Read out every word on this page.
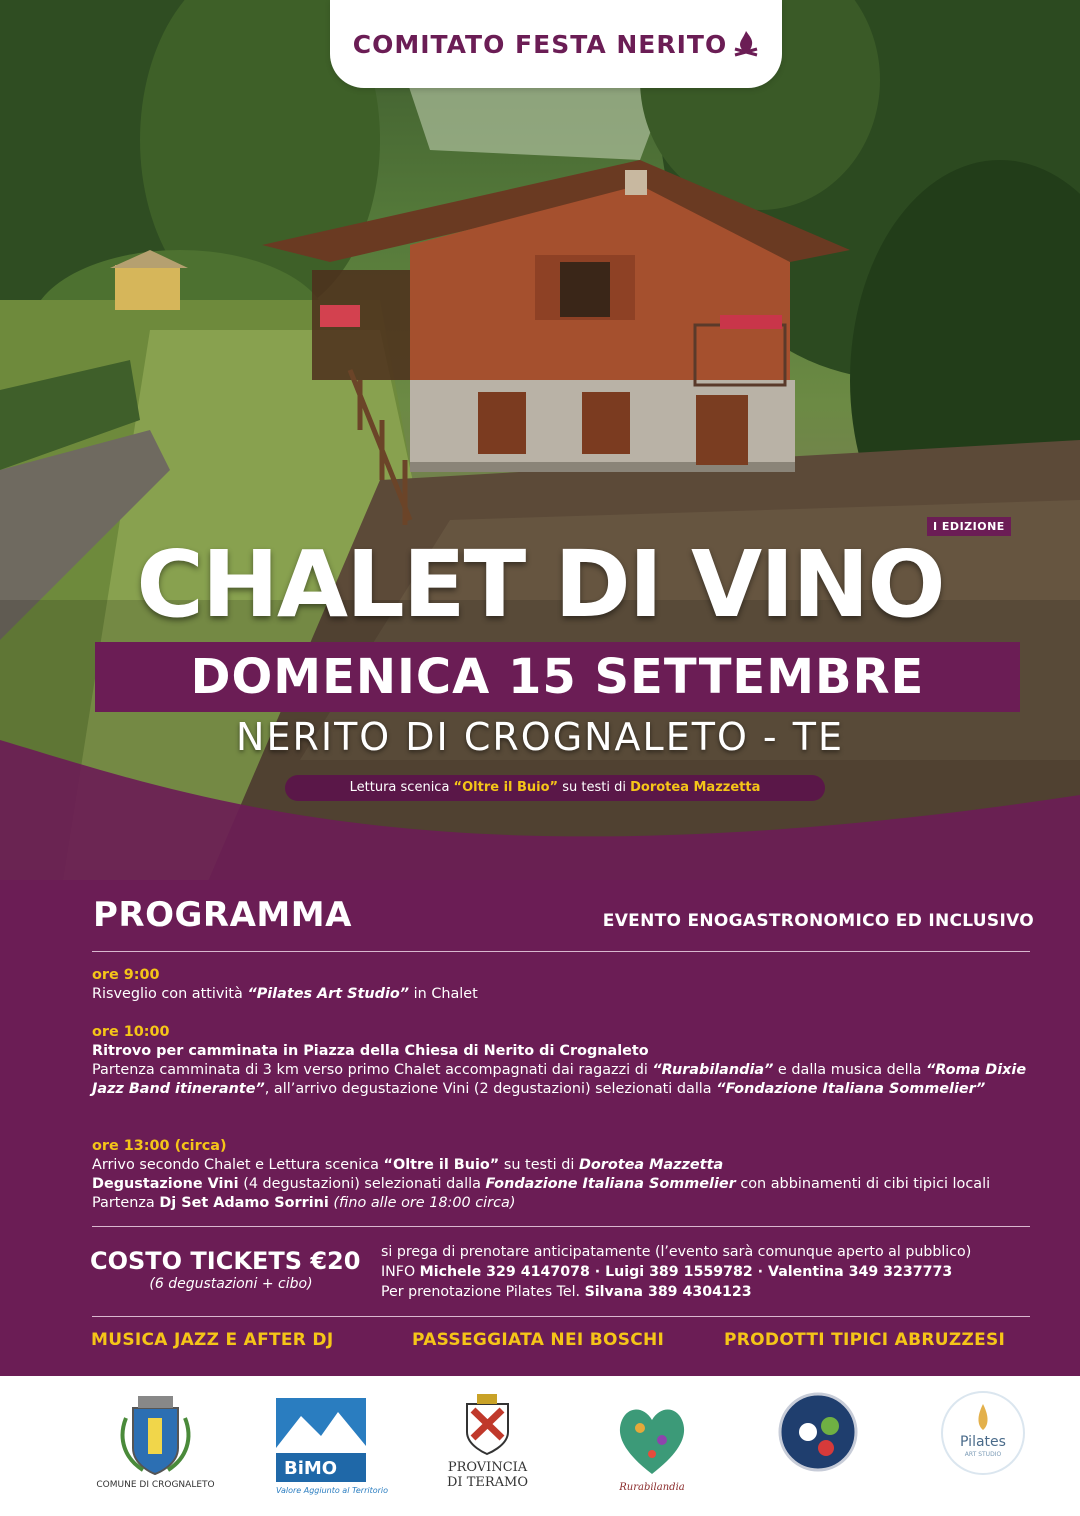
COMITATO FESTA NERITO
I EDIZIONE
CHALET DI VINO
DOMENICA 15 SETTEMBRE
NERITO DI CROGNALETO - TE
Lettura scenica “Oltre il Buio” su testi di Dorotea Mazzetta
PROGRAMMA	EVENTO ENOGASTRONOMICO ED INCLUSIVO
ore 9:00
Risveglio con attività “Pilates Art Studio” in Chalet
ore 10:00
Ritrovo per camminata in Piazza della Chiesa di Nerito di Crognaleto
Partenza camminata di 3 km verso primo Chalet accompagnati dai ragazzi di “Rurabilandia” e dalla musica della “Roma Dixie Jazz Band itinerante”, all’arrivo degustazione Vini (2 degustazioni) selezionati dalla “Fondazione Italiana Sommelier”
ore 13:00 (circa)
Arrivo secondo Chalet e Lettura scenica “Oltre il Buio” su testi di Dorotea Mazzetta
Degustazione Vini (4 degustazioni) selezionati dalla Fondazione Italiana Sommelier con abbinamenti di cibi tipici locali
Partenza Dj Set Adamo Sorrini (fino alle ore 18:00 circa)
COSTO TICKETS €20
(6 degustazioni + cibo)
si prega di prenotare anticipatamente (l’evento sarà comunque aperto al pubblico)
INFO Michele 329 4147078 · Luigi 389 1559782 · Valentina 349 3237773
Per prenotazione Pilates Tel. Silvana 389 4304123
MUSICA JAZZ E AFTER DJ	PASSEGGIATA NEI BOSCHI	PRODOTTI TIPICI ABRUZZESI
COMUNE DI CROGNALETO
BiMO
Valore Aggiunto al Territorio
PROVINCIA
DI TERAMO	Rurabilandia
Pilates
ART STUDIO
